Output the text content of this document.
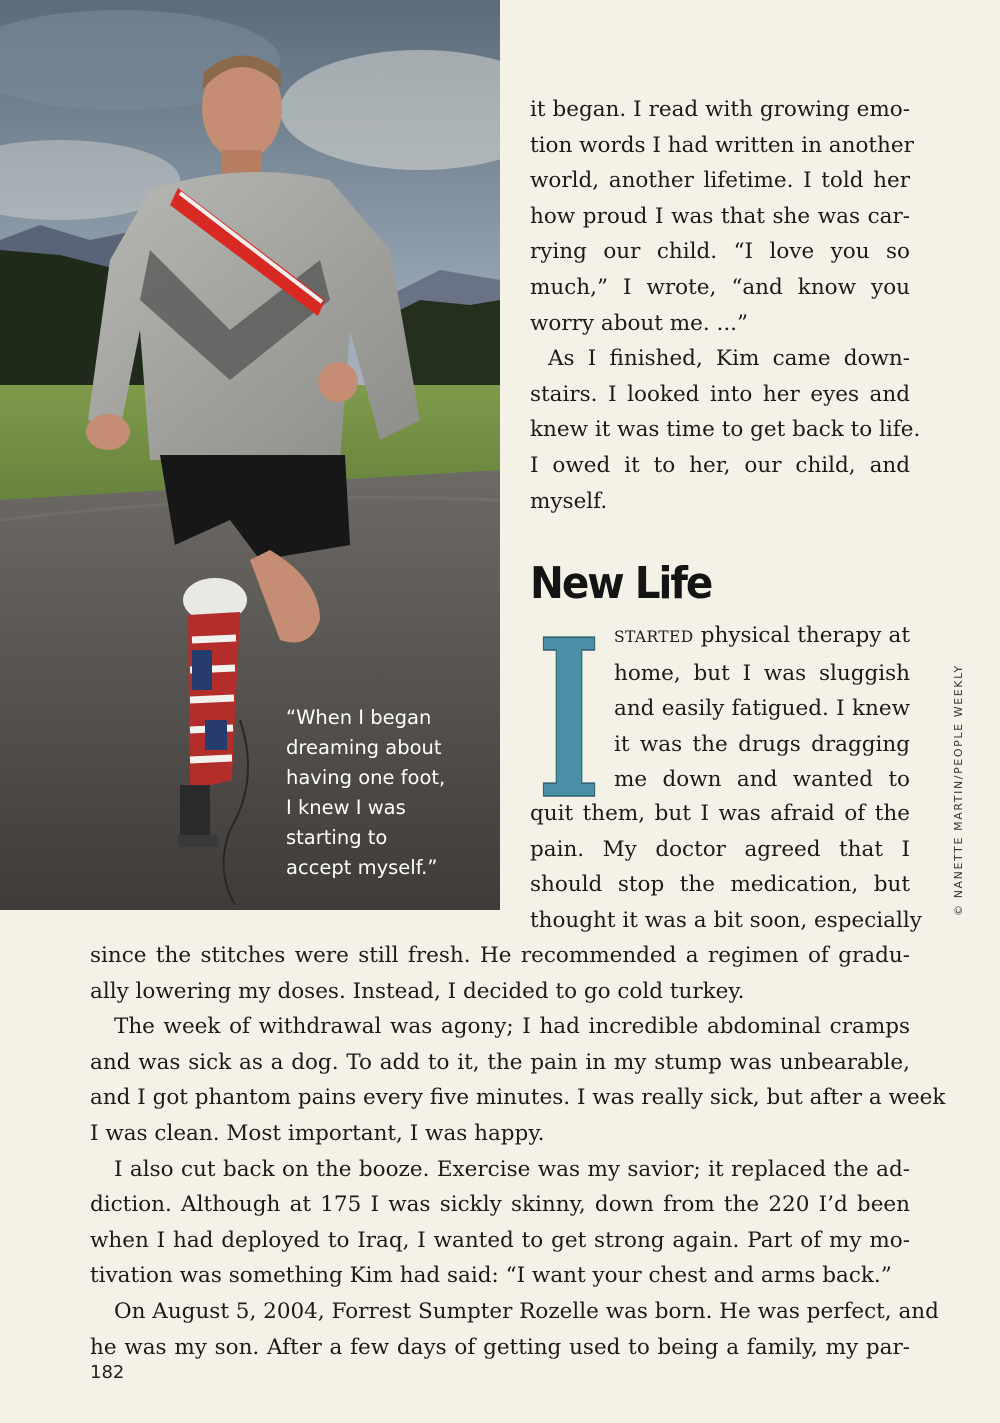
“When I began
dreaming about
having one foot,
I knew I was
starting to
accept myself.”
it began. I read with growing emo-
tion words I had written in another
world, another lifetime. I told her
how proud I was that she was car-
rying our child. “I love you so
much,” I wrote, “and know you
worry about me. ...”
As I finished, Kim came down-
stairs. I looked into her eyes and
knew it was time to get back to life.
I owed it to her, our child, and
myself.
New Life
I STARTED physical therapy at
home, but I was sluggish
and easily fatigued. I knew
it was the drugs dragging
me down and wanted to
quit them, but I was afraid of the
pain. My doctor agreed that I
should stop the medication, but
thought it was a bit soon, especially
since the stitches were still fresh. He recommended a regimen of gradu-
ally lowering my doses. Instead, I decided to go cold turkey.
The week of withdrawal was agony; I had incredible abdominal cramps
and was sick as a dog. To add to it, the pain in my stump was unbearable,
and I got phantom pains every five minutes. I was really sick, but after a week
I was clean. Most important, I was happy.
I also cut back on the booze. Exercise was my savior; it replaced the ad-
diction. Although at 175 I was sickly skinny, down from the 220 I’d been
when I had deployed to Iraq, I wanted to get strong again. Part of my mo-
tivation was something Kim had said: “I want your chest and arms back.”
On August 5, 2004, Forrest Sumpter Rozelle was born. He was perfect, and
he was my son. After a few days of getting used to being a family, my par-
182
© NANETTE MARTIN/PEOPLE WEEKLY
